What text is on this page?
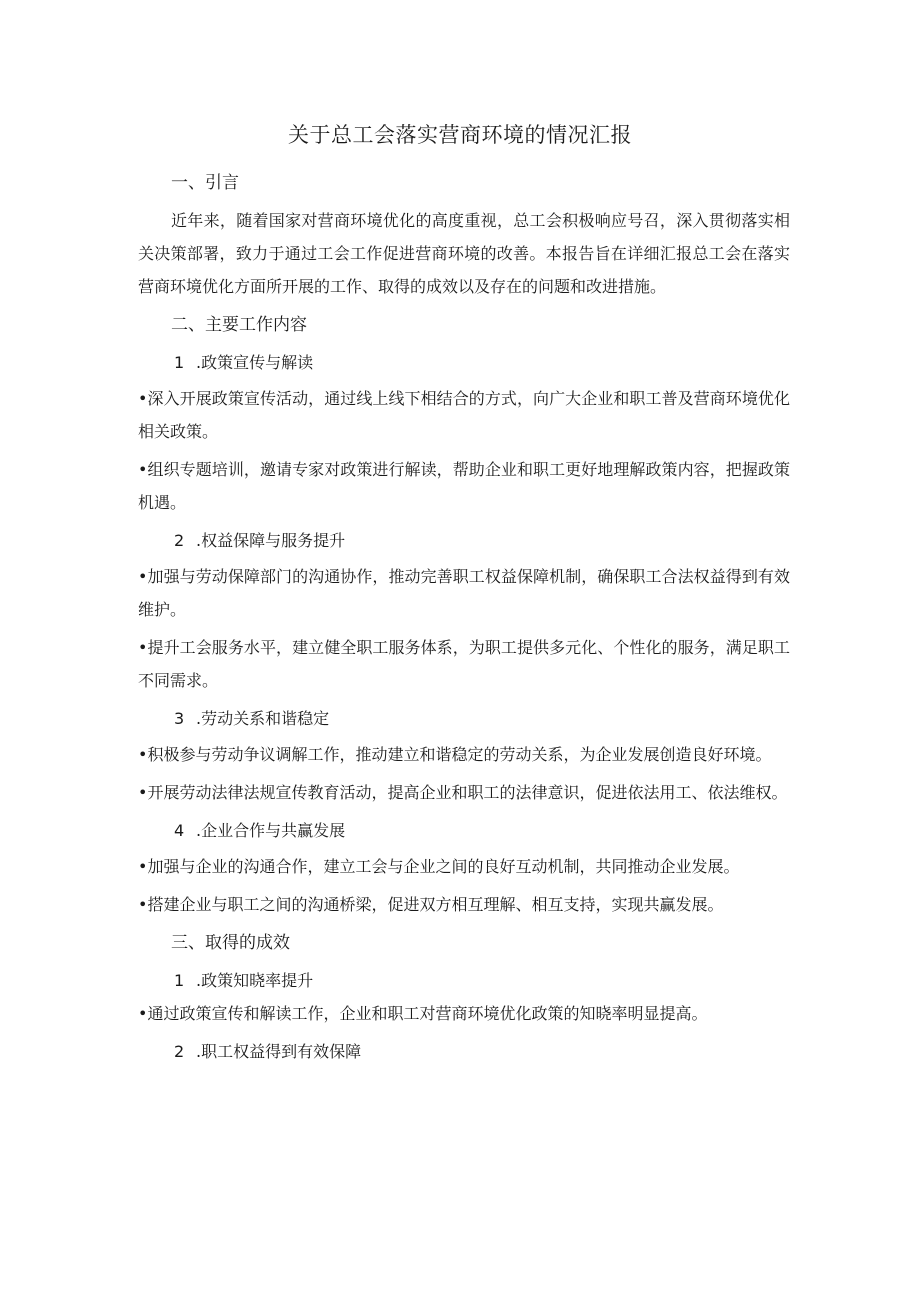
关于总工会落实营商环境的情况汇报
一、引言

近年来，随着国家对营商环境优化的高度重视，总工会积极响应号召，深入贯彻落实相关决策部署，致力于通过工会工作促进营商环境的改善。本报告旨在详细汇报总工会在落实营商环境优化方面所开展的工作、取得的成效以及存在的问题和改进措施。

二、主要工作内容
1 .政策宣传与解读

•深入开展政策宣传活动，通过线上线下相结合的方式，向广大企业和职工普及营商环境优化相关政策。

•组织专题培训，邀请专家对政策进行解读，帮助企业和职工更好地理解政策内容，把握政策机遇。

2 .权益保障与服务提升

•加强与劳动保障部门的沟通协作，推动完善职工权益保障机制，确保职工合法权益得到有效维护。

•提升工会服务水平，建立健全职工服务体系，为职工提供多元化、个性化的服务，满足职工不同需求。

3 .劳动关系和谐稳定

•积极参与劳动争议调解工作，推动建立和谐稳定的劳动关系，为企业发展创造良好环境。

•开展劳动法律法规宣传教育活动，提高企业和职工的法律意识，促进依法用工、依法维权。

4 .企业合作与共赢发展

•加强与企业的沟通合作，建立工会与企业之间的良好互动机制，共同推动企业发展。

•搭建企业与职工之间的沟通桥梁，促进双方相互理解、相互支持，实现共赢发展。

三、取得的成效
1 .政策知晓率提升

•通过政策宣传和解读工作，企业和职工对营商环境优化政策的知晓率明显提高。

2 .职工权益得到有效保障
